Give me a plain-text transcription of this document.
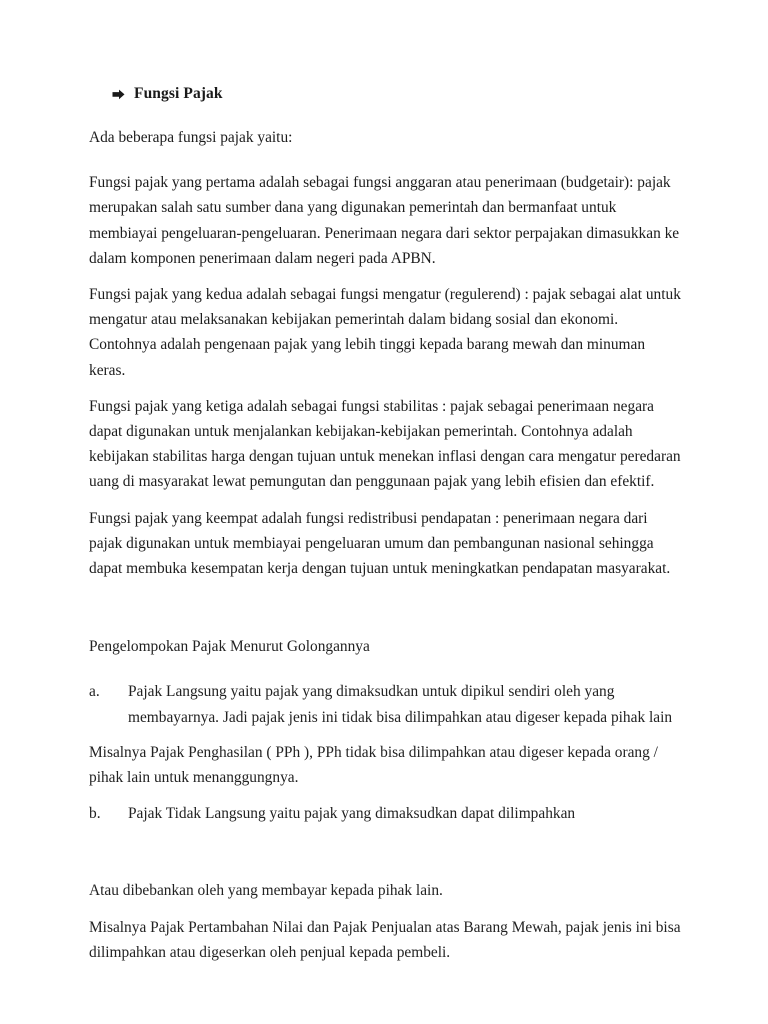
Fungsi Pajak

Ada beberapa fungsi pajak yaitu:

Fungsi pajak yang pertama adalah sebagai fungsi anggaran atau penerimaan (budgetair): pajak merupakan salah satu sumber dana yang digunakan pemerintah dan bermanfaat untuk membiayai pengeluaran-pengeluaran. Penerimaan negara dari sektor perpajakan dimasukkan ke dalam komponen penerimaan dalam negeri pada APBN.

Fungsi pajak yang kedua adalah sebagai fungsi mengatur (regulerend) : pajak sebagai alat untuk mengatur atau melaksanakan kebijakan pemerintah dalam bidang sosial dan ekonomi. Contohnya adalah pengenaan pajak yang lebih tinggi kepada barang mewah dan minuman keras.

Fungsi pajak yang ketiga adalah sebagai fungsi stabilitas : pajak sebagai penerimaan negara dapat digunakan untuk menjalankan kebijakan-kebijakan pemerintah. Contohnya adalah kebijakan stabilitas harga dengan tujuan untuk menekan inflasi dengan cara mengatur peredaran uang di masyarakat lewat pemungutan dan penggunaan pajak yang lebih efisien dan efektif.

Fungsi pajak yang keempat adalah fungsi redistribusi pendapatan : penerimaan negara dari pajak digunakan untuk membiayai pengeluaran umum dan pembangunan nasional sehingga dapat membuka kesempatan kerja dengan tujuan untuk meningkatkan pendapatan masyarakat.

Pengelompokan Pajak Menurut Golongannya

a.	Pajak Langsung yaitu pajak yang dimaksudkan untuk dipikul sendiri oleh yang membayarnya. Jadi pajak jenis ini tidak bisa dilimpahkan atau digeser kepada pihak lain

Misalnya Pajak Penghasilan ( PPh ), PPh tidak bisa dilimpahkan atau digeser kepada orang / pihak lain untuk menanggungnya.

b.	Pajak Tidak Langsung yaitu pajak yang dimaksudkan dapat dilimpahkan

Atau dibebankan oleh yang membayar kepada pihak lain.

Misalnya Pajak Pertambahan Nilai dan Pajak Penjualan atas Barang Mewah, pajak jenis ini bisa dilimpahkan atau digeserkan oleh penjual kepada pembeli.
